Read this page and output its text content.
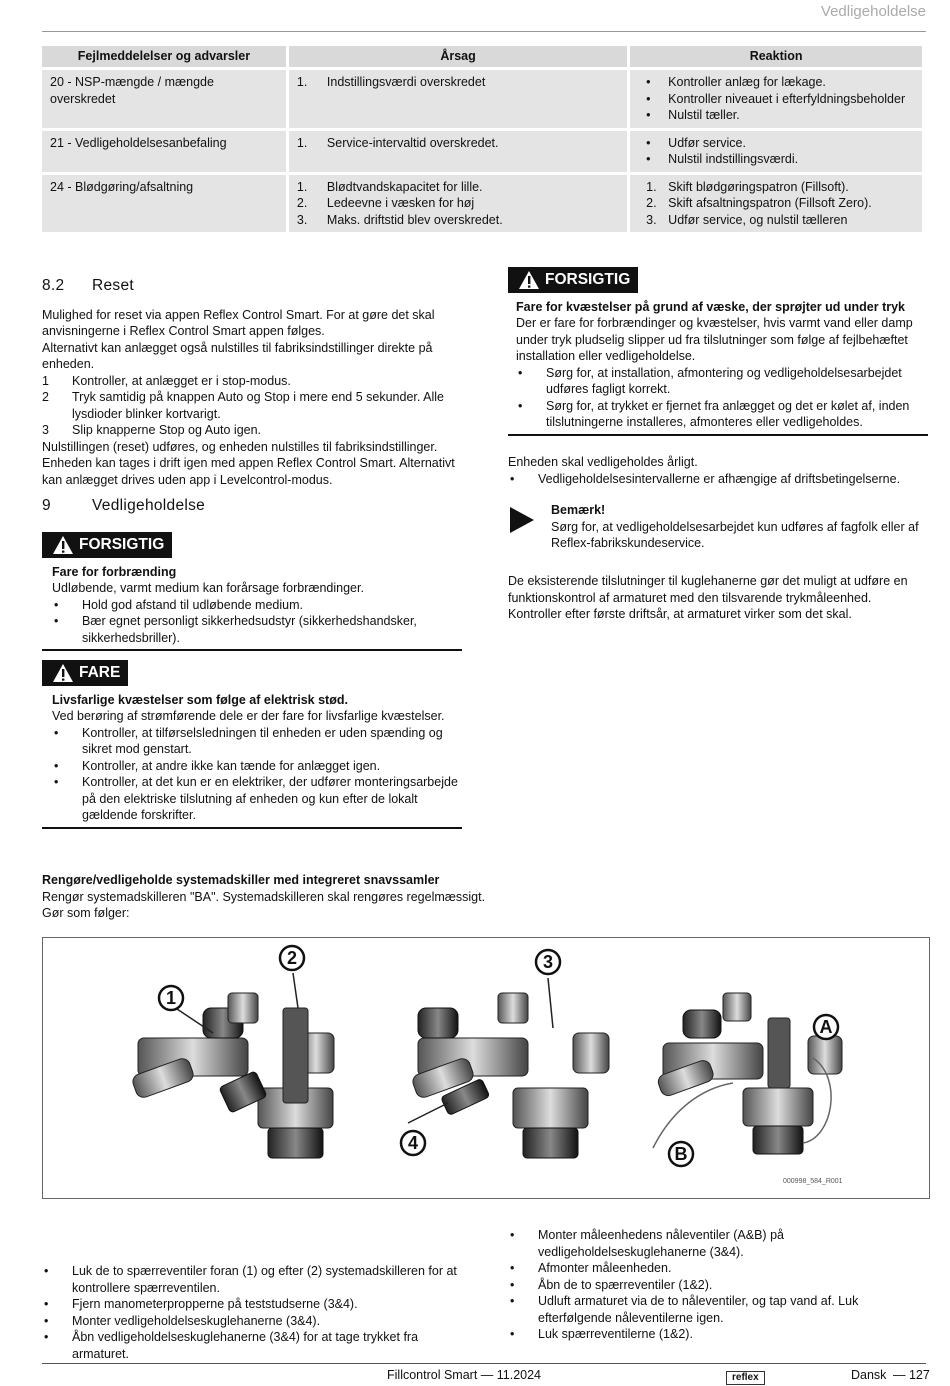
Vedligeholdelse
Fejlmeddelelser og advarsler	Årsag	Reaktion
20 - NSP-mængde / mængde overskredet	1. Indstillingsværdi overskredet	• Kontroller anlæg for lækage.
• Kontroller niveauet i efterfyldningsbeholder
• Nulstil tæller.

21 - Vedligeholdelsesanbefaling	1. Service-intervaltid overskredet.	• Udfør service.
• Nulstil indstillingsværdi.

24 - Blødgøring/afsaltning	1. Blødtvandskapacitet for lille.
2. Ledeevne i væsken for høj
3. Maks. driftstid blev overskredet.	1. Skift blødgøringspatron (Fillsoft).
2. Skift afsaltningspatron (Fillsoft Zero).
3. Udfør service, og nulstil tælleren
8.2 Reset

Mulighed for reset via appen Reflex Control Smart. For at gøre det skal anvisningerne i Reflex Control Smart appen følges.

Alternativt kan anlægget også nulstilles til fabriksindstillinger direkte på enheden.

1 Kontroller, at anlægget er i stop-modus.
2 Tryk samtidig på knappen Auto og Stop i mere end 5 sekunder. Alle lysdioder blinker kortvarigt.
3 Slip knapperne Stop og Auto igen.

Nulstillingen (reset) udføres, og enheden nulstilles til fabriksindstillinger.

Enheden kan tages i drift igen med appen Reflex Control Smart. Alternativt kan anlægget drives uden app i Levelcontrol-modus.

9	Vedligeholdelse
FORSIGTIG
Fare for forbrænding

Udløbende, varmt medium kan forårsage forbrændinger.

• Hold god afstand til udløbende medium.
• Bær egnet personligt sikkerhedsudstyr (sikkerhedshandsker, sikkerhedsbriller).
FARE
Livsfarlige kvæstelser som følge af elektrisk stød.

Ved berøring af strømførende dele er der fare for livsfarlige kvæstelser.

• Kontroller, at tilførselsledningen til enheden er uden spænding og sikret mod genstart.
• Kontroller, at andre ikke kan tænde for anlægget igen.
• Kontroller, at det kun er en elektriker, der udfører monteringsarbejde på den elektriske tilslutning af enheden og kun efter de lokalt gældende forskrifter.
FORSIGTIG
Fare for kvæstelser på grund af væske, der sprøjter ud under tryk

Der er fare for forbrændinger og kvæstelser, hvis varmt vand eller damp under tryk pludselig slipper ud fra tilslutninger som følge af fejlbehæftet installation eller vedligeholdelse.

• Sørg for, at installation, afmontering og vedligeholdelsesarbejdet udføres fagligt korrekt.
• Sørg for, at trykket er fjernet fra anlægget og det er kølet af, inden tilslutningerne installeres, afmonteres eller vedligeholdes.

Enheden skal vedligeholdes årligt.

• Vedligeholdelsesintervallerne er afhængige af driftsbetingelserne.
Bemærk!

Sørg for, at vedligeholdelsesarbejdet kun udføres af fagfolk eller af Reflex-fabrikskundeservice.

De eksisterende tilslutninger til kuglehanerne gør det muligt at udføre en funktionskontrol af armaturet med den tilsvarende trykmåleenhed. Kontroller efter første driftsår, at armaturet virker som det skal.

Rengøre/vedligeholde systemadskiller med integreret snavssamler

Rengør systemadskilleren "BA". Systemadskilleren skal rengøres regelmæssigt.

Gør som følger:

1
2	3
4
A
B
000998_584_R001
• Luk de to spærreventiler foran (1) og efter (2) systemadskilleren for at kontrollere spærreventilen.
• Fjern manometerpropperne på teststudserne (3&4).
• Monter vedligeholdelseskuglehanerne (3&4).
• Åbn vedligeholdelseskuglehanerne (3&4) for at tage trykket fra armaturet.
• Monter måleenhedens nåleventiler (A&B) på vedligeholdelseskuglehanerne (3&4).
• Afmonter måleenheden.
• Åbn de to spærreventiler (1&2).
• Udluft armaturet via de to nåleventiler, og tap vand af. Luk efterfølgende nåleventilerne igen.
• Luk spærreventilerne (1&2).
Fillcontrol Smart — 11.2024	reflex	Dansk — 127
